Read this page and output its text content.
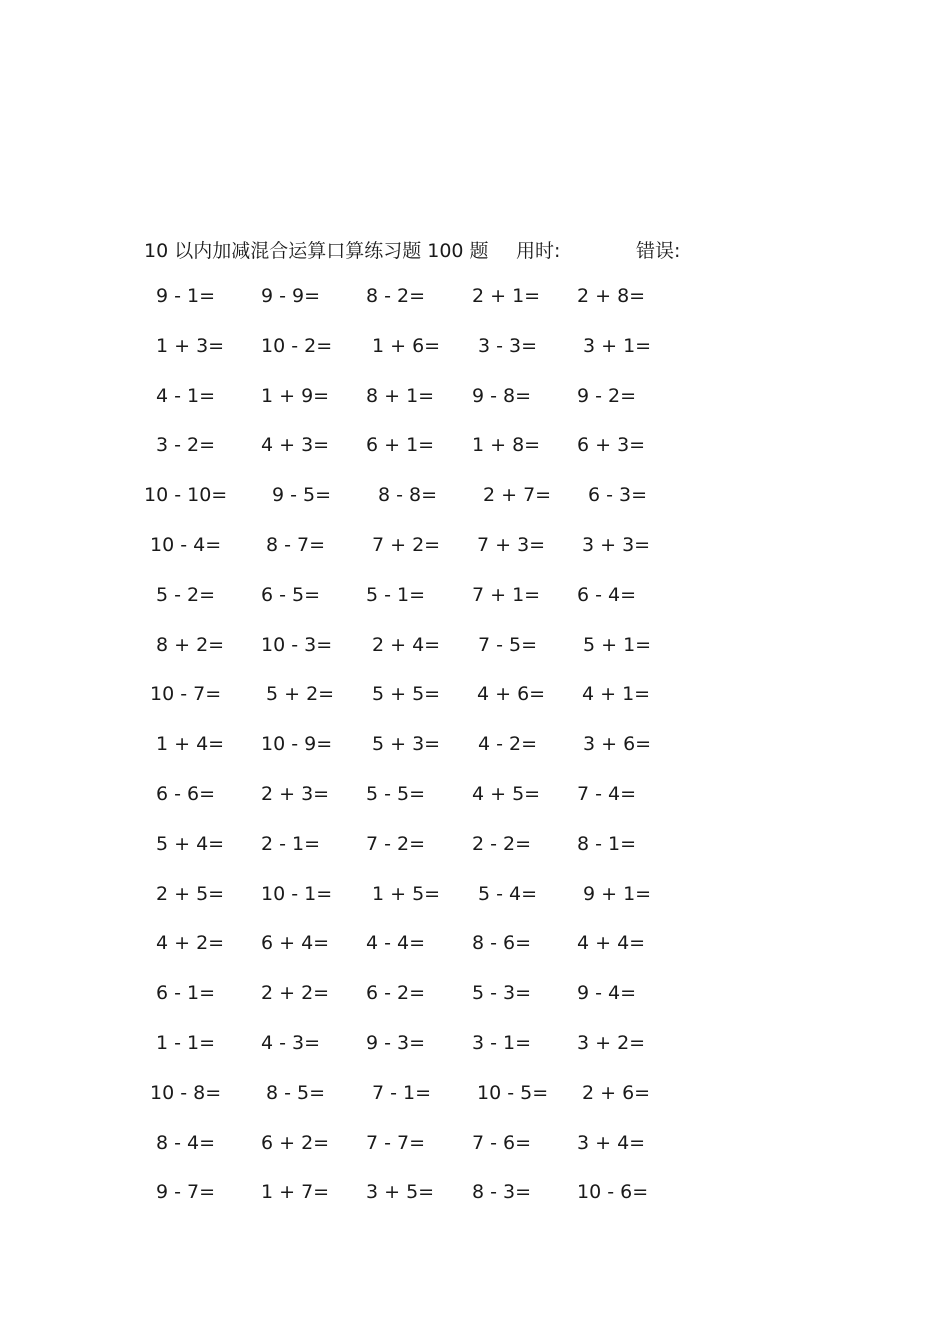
10 以内加减混合运算口算练习题 100 题 用时:	错误:
9 - 1= 9 - 9= 8 - 2= 2 + 1= 2 + 8=
1 + 3= 10 - 2= 1 + 6= 3 - 3= 3 + 1=
4 - 1= 1 + 9= 8 + 1= 9 - 8= 9 - 2=
3 - 2= 4 + 3= 6 + 1= 1 + 8= 6 + 3=
10 - 10= 9 - 5= 8 - 8= 2 + 7= 6 - 3=
10 - 4= 8 - 7= 7 + 2= 7 + 3= 3 + 3=
5 - 2= 6 - 5= 5 - 1= 7 + 1= 6 - 4=
8 + 2= 10 - 3= 2 + 4= 7 - 5= 5 + 1=
10 - 7= 5 + 2= 5 + 5= 4 + 6= 4 + 1=
1 + 4= 10 - 9= 5 + 3= 4 - 2= 3 + 6=
6 - 6= 2 + 3= 5 - 5= 4 + 5= 7 - 4=
5 + 4= 2 - 1= 7 - 2= 2 - 2= 8 - 1=
2 + 5= 10 - 1= 1 + 5= 5 - 4= 9 + 1=
4 + 2= 6 + 4= 4 - 4= 8 - 6= 4 + 4=
6 - 1= 2 + 2= 6 - 2= 5 - 3= 9 - 4=
1 - 1= 4 - 3= 9 - 3= 3 - 1= 3 + 2=
10 - 8= 8 - 5= 7 - 1= 10 - 5= 2 + 6=
8 - 4= 6 + 2= 7 - 7= 7 - 6= 3 + 4=
9 - 7= 1 + 7= 3 + 5= 8 - 3= 10 - 6=
